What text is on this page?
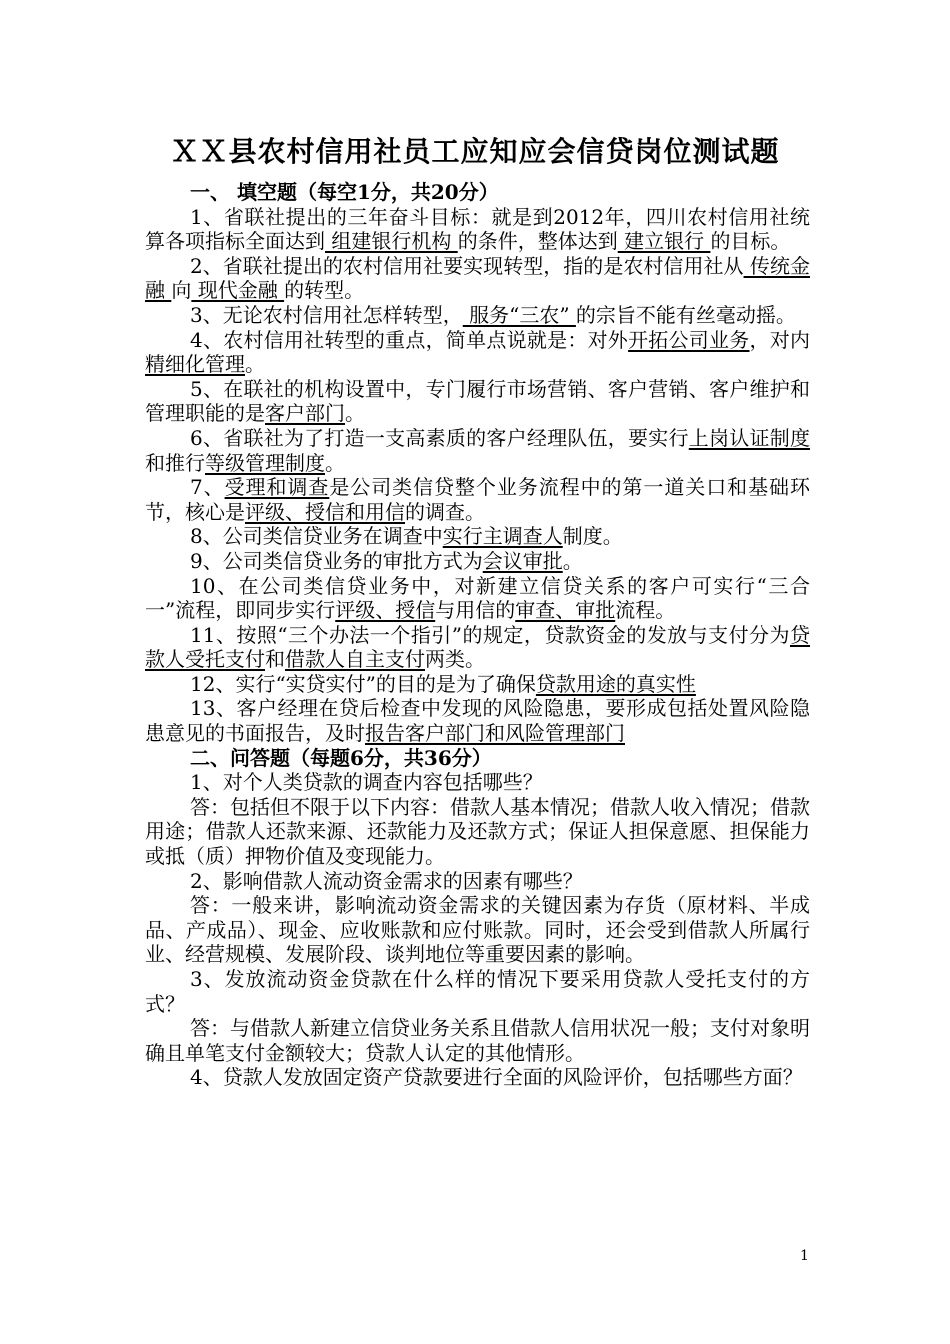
ＸＸ县农村信用社员工应知应会信贷岗位测试题
一、 填空题（每空1分，共20分）

1、省联社提出的三年奋斗目标：就是到2012年，四川农村信用社统算各项指标全面达到 组建银行机构 的条件，整体达到 建立银行 的目标。

2、省联社提出的农村信用社要实现转型，指的是农村信用社从 传统金融 向 现代金融 的转型。

3、无论农村信用社怎样转型， 服务“三农” 的宗旨不能有丝毫动摇。

4、农村信用社转型的重点，简单点说就是：对外开拓公司业务，对内精细化管理。

5、在联社的机构设置中，专门履行市场营销、客户营销、客户维护和管理职能的是客户部门。

6、省联社为了打造一支高素质的客户经理队伍，要实行上岗认证制度和推行等级管理制度。

7、受理和调查是公司类信贷整个业务流程中的第一道关口和基础环节，核心是评级、授信和用信的调查。

8、公司类信贷业务在调查中实行主调查人制度。

9、公司类信贷业务的审批方式为会议审批。

10、在公司类信贷业务中，对新建立信贷关系的客户可实行“三合一”流程，即同步实行评级、授信与用信的审查、审批流程。

11、按照“三个办法一个指引”的规定，贷款资金的发放与支付分为贷款人受托支付和借款人自主支付两类。

12、实行“实贷实付”的目的是为了确保贷款用途的真实性

13、客户经理在贷后检查中发现的风险隐患，要形成包括处置风险隐患意见的书面报告，及时报告客户部门和风险管理部门

二、问答题（每题6分，共36分）

1、对个人类贷款的调查内容包括哪些？

答：包括但不限于以下内容：借款人基本情况；借款人收入情况；借款用途；借款人还款来源、还款能力及还款方式；保证人担保意愿、担保能力或抵（质）押物价值及变现能力。

2、影响借款人流动资金需求的因素有哪些？

答：一般来讲，影响流动资金需求的关键因素为存货（原材料、半成品、产成品）、现金、应收账款和应付账款。同时，还会受到借款人所属行业、经营规模、发展阶段、谈判地位等重要因素的影响。

3、发放流动资金贷款在什么样的情况下要采用贷款人受托支付的方式？

答：与借款人新建立信贷业务关系且借款人信用状况一般；支付对象明确且单笔支付金额较大；贷款人认定的其他情形。

4、贷款人发放固定资产贷款要进行全面的风险评价，包括哪些方面？

1
